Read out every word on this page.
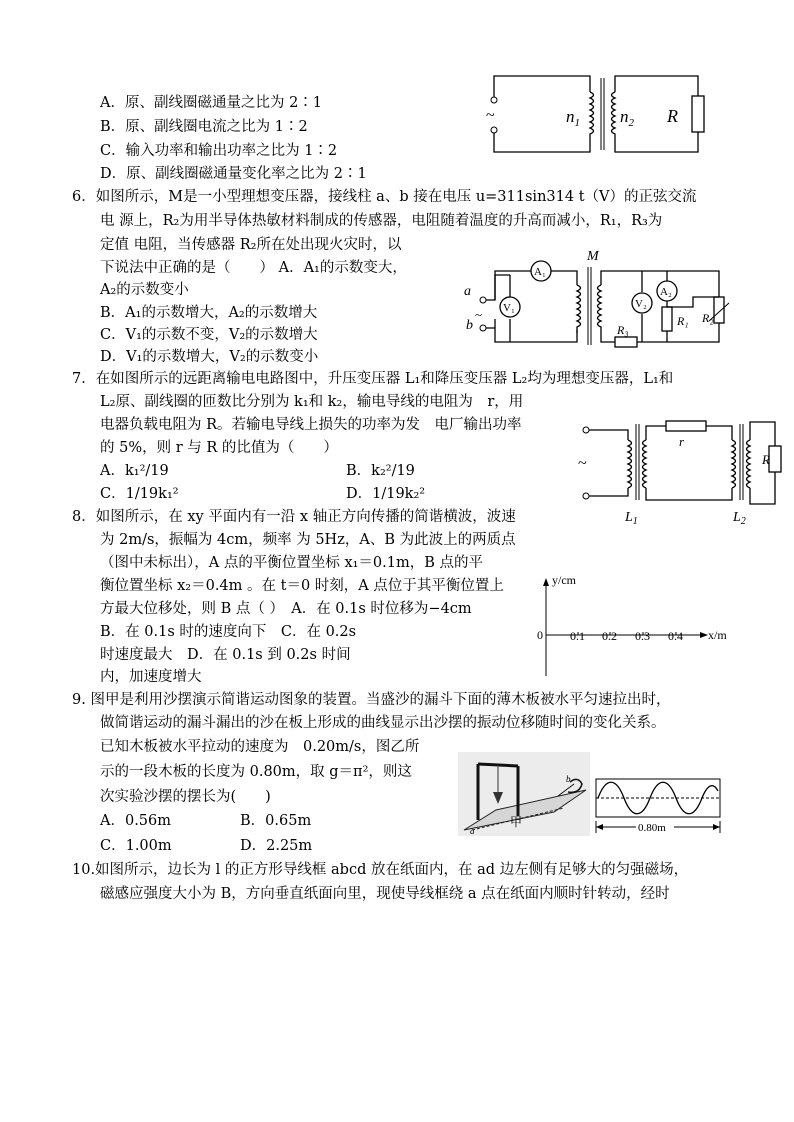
A．原、副线圈磁通量之比为 2∶1
B．原、副线圈电流之比为 1∶2
C．输入功率和输出功率之比为 1∶2
D．原、副线圈磁通量变化率之比为 2∶1
~	$n_1$ $n_2$ R
6．如图所示，M是一小型理想变压器，接线柱 a、b 接在电压 u=311sin314 t（V）的正弦交流
电 源上，R₂为用半导体热敏材料制成的传感器，电阻随着温度的升高而减小，R₁，R₃为
定值 电阻，当传感器 R₂所在处出现火灾时，以
下说法中正确的是（　　） A．A₁的示数变大，
A₂的示数变小
B．A₁的示数增大，A₂的示数增大
C．V₁的示数不变，V₂的示数增大
D．V₁的示数增大，V₂的示数变小
M
a
b
~
A₁
V₁
R₃
V₂
A₂
R₁ R₂
7．在如图所示的远距离输电电路图中，升压变压器 L₁和降压变压器 L₂均为理想变压器，L₁和
L₂原、副线圈的匝数比分别为 k₁和 k₂，输电导线的电阻为　r，用
电器负载电阻为 R。若输电导线上损失的功率为发　电厂输出功率
的 5%，则 r 与 R 的比值为（　　）
A．k₁²/19	B．k₂²/19
C．1/19k₁²	D．1/19k₂²
~
r
R
$L_1$	$L_2$
8．如图所示，在 xy 平面内有一沿 x 轴正方向传播的简谐横波，波速
为 2m/s，振幅为 4cm，频率 为 5Hz，A、B 为此波上的两质点
（图中未标出），A 点的平衡位置坐标 x₁＝0.1m，B 点的平
衡位置坐标 x₂＝0.4m 。在 t＝0 时刻，A 点位于其平衡位置上
方最大位移处，则 B 点（ ）　A．在 0.1s 时位移为−4cm
B．在 0.1s 时的速度向下　C．在 0.2s
时速度最大　D．在 0.1s 到 0.2s 时间
内，加速度增大
y/cm
x/m
0 0.1 0.2 0.3 0.4
9. 图甲是利用沙摆演示简谐运动图象的装置。当盛沙的漏斗下面的薄木板被水平匀速拉出时，
做简谐运动的漏斗漏出的沙在板上形成的曲线显示出沙摆的振动位移随时间的变化关系。
已知木板被水平拉动的速度为　0.20m/s，图乙所
示的一段木板的长度为 0.80m，取 g＝π²，则这
次实验沙摆的摆长为(　　)
A．0.56m	B．0.65m
C．1.00m	D．2.25m
甲
a
b
0.80m
10.如图所示，边长为 l 的正方形导线框 abcd 放在纸面内，在 ad 边左侧有足够大的匀强磁场，
磁感应强度大小为 B，方向垂直纸面向里，现使导线框绕 a 点在纸面内顺时针转动，经时
